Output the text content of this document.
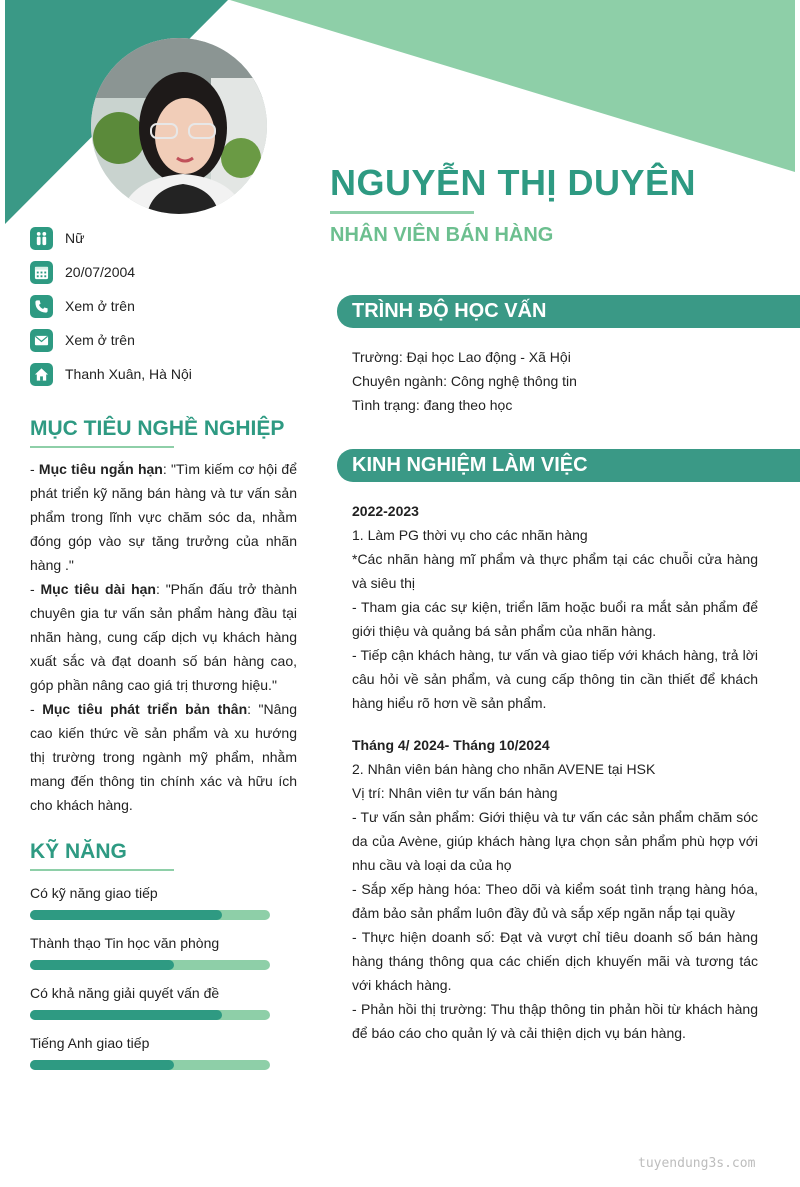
NGUYỄN THỊ DUYÊN
NHÂN VIÊN BÁN HÀNG
Nữ
20/07/2004
Xem ở trên
Xem ở trên
Thanh Xuân, Hà Nội
MỤC TIÊU NGHỀ NGHIỆP

- Mục tiêu ngắn hạn: "Tìm kiếm cơ hội để phát triển kỹ năng bán hàng và tư vấn sản phẩm trong lĩnh vực chăm sóc da, nhằm đóng góp vào sự tăng trưởng của nhãn hàng ."

- Mục tiêu dài hạn: "Phấn đấu trở thành chuyên gia tư vấn sản phẩm hàng đầu tại nhãn hàng, cung cấp dịch vụ khách hàng xuất sắc và đạt doanh số bán hàng cao, góp phần nâng cao giá trị thương hiệu."

- Mục tiêu phát triển bản thân: "Nâng cao kiến thức về sản phẩm và xu hướng thị trường trong ngành mỹ phẩm, nhằm mang đến thông tin chính xác và hữu ích cho khách hàng.

KỸ NĂNG
Có kỹ năng giao tiếp
Thành thạo Tin học văn phòng
Có khả năng giải quyết vấn đề
Tiếng Anh giao tiếp
TRÌNH ĐỘ HỌC VẤN
Trường: Đại học Lao động - Xã Hội
Chuyên ngành: Công nghệ thông tin
Tình trạng: đang theo học
KINH NGHIỆM LÀM VIỆC

2022-2023

1. Làm PG thời vụ cho các nhãn hàng

*Các nhãn hàng mĩ phẩm và thực phẩm tại các chuỗi cửa hàng và siêu thị

- Tham gia các sự kiện, triển lãm hoặc buổi ra mắt sản phẩm để giới thiệu và quảng bá sản phẩm của nhãn hàng.

- Tiếp cận khách hàng, tư vấn và giao tiếp với khách hàng, trả lời câu hỏi về sản phẩm, và cung cấp thông tin cần thiết để khách hàng hiểu rõ hơn về sản phẩm.

Tháng 4/ 2024- Tháng 10/2024

2. Nhân viên bán hàng cho nhãn AVENE tại HSK

Vị trí: Nhân viên tư vấn bán hàng

- Tư vấn sản phẩm: Giới thiệu và tư vấn các sản phẩm chăm sóc da của Avène, giúp khách hàng lựa chọn sản phẩm phù hợp với nhu cầu và loại da của họ

- Sắp xếp hàng hóa: Theo dõi và kiểm soát tình trạng hàng hóa, đảm bảo sản phẩm luôn đầy đủ và sắp xếp ngăn nắp tại quầy

- Thực hiện doanh số: Đạt và vượt chỉ tiêu doanh số bán hàng hàng tháng thông qua các chiến dịch khuyến mãi và tương tác với khách hàng.

- Phản hồi thị trường: Thu thập thông tin phản hồi từ khách hàng để báo cáo cho quản lý và cải thiện dịch vụ bán hàng.

tuyendung3s.com
